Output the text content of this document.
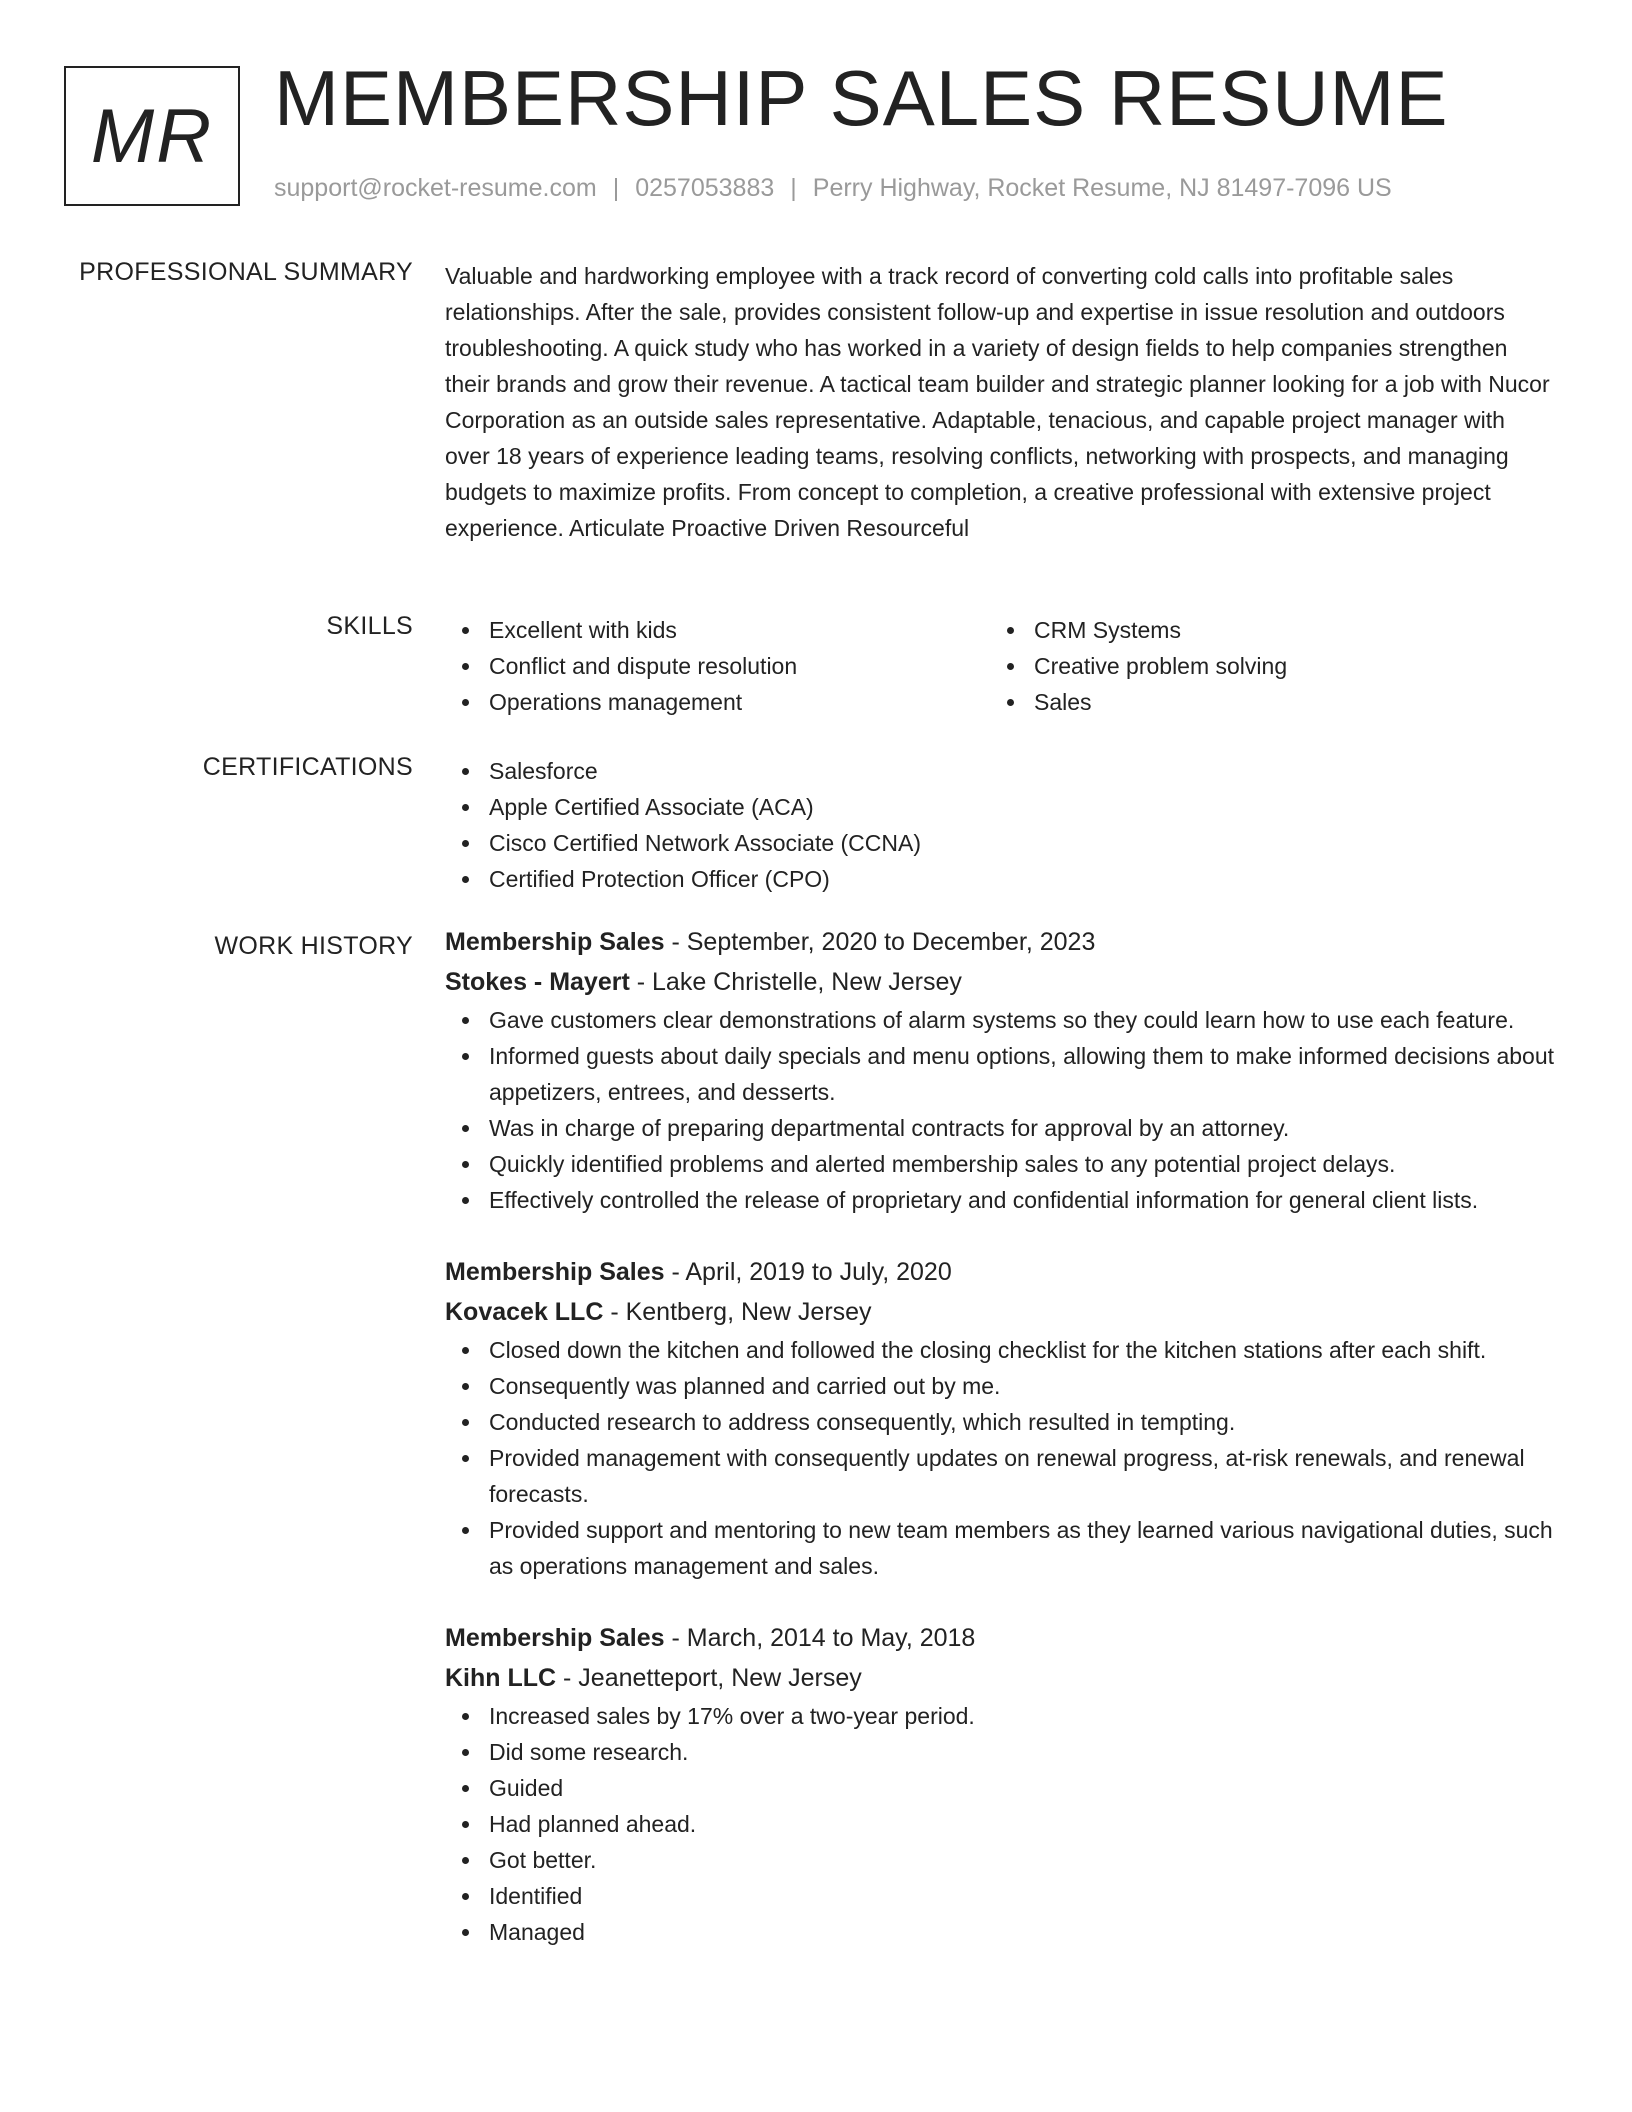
MR MEMBERSHIP SALES RESUME
support@rocket-resume.com | 0257053883 | Perry Highway, Rocket Resume, NJ 81497-7096 US
PROFESSIONAL SUMMARY Valuable and hardworking employee with a track record of converting cold calls into profitable sales relationships. After the sale, provides consistent follow-up and expertise in issue resolution and outdoors troubleshooting. A quick study who has worked in a variety of design fields to help companies strengthen their brands and grow their revenue. A tactical team builder and strategic planner looking for a job with Nucor Corporation as an outside sales representative. Adaptable, tenacious, and capable project manager with over 18 years of experience leading teams, resolving conflicts, networking with prospects, and managing budgets to maximize profits. From concept to completion, a creative professional with extensive project experience. Articulate Proactive Driven Resourceful

SKILLS	Excellent with kids
Conflict and dispute resolution
Operations management
CRM Systems
Creative problem solving
Sales
CERTIFICATIONS	Salesforce
Apple Certified Associate (ACA)
Cisco Certified Network Associate (CCNA)
Certified Protection Officer (CPO)
WORK HISTORY Membership Sales - September, 2020 to December, 2023
Stokes - Mayert - Lake Christelle, New Jersey
Gave customers clear demonstrations of alarm systems so they could learn how to use each feature.
Informed guests about daily specials and menu options, allowing them to make informed decisions about appetizers, entrees, and desserts.
Was in charge of preparing departmental contracts for approval by an attorney.
Quickly identified problems and alerted membership sales to any potential project delays.
Effectively controlled the release of proprietary and confidential information for general client lists.
Membership Sales - April, 2019 to July, 2020
Kovacek LLC - Kentberg, New Jersey
Closed down the kitchen and followed the closing checklist for the kitchen stations after each shift.
Consequently was planned and carried out by me.
Conducted research to address consequently, which resulted in tempting.
Provided management with consequently updates on renewal progress, at-risk renewals, and renewal forecasts.
Provided support and mentoring to new team members as they learned various navigational duties, such as operations management and sales.
Membership Sales - March, 2014 to May, 2018
Kihn LLC - Jeanetteport, New Jersey
Increased sales by 17% over a two-year period.
Did some research.
Guided
Had planned ahead.
Got better.
Identified
Managed
